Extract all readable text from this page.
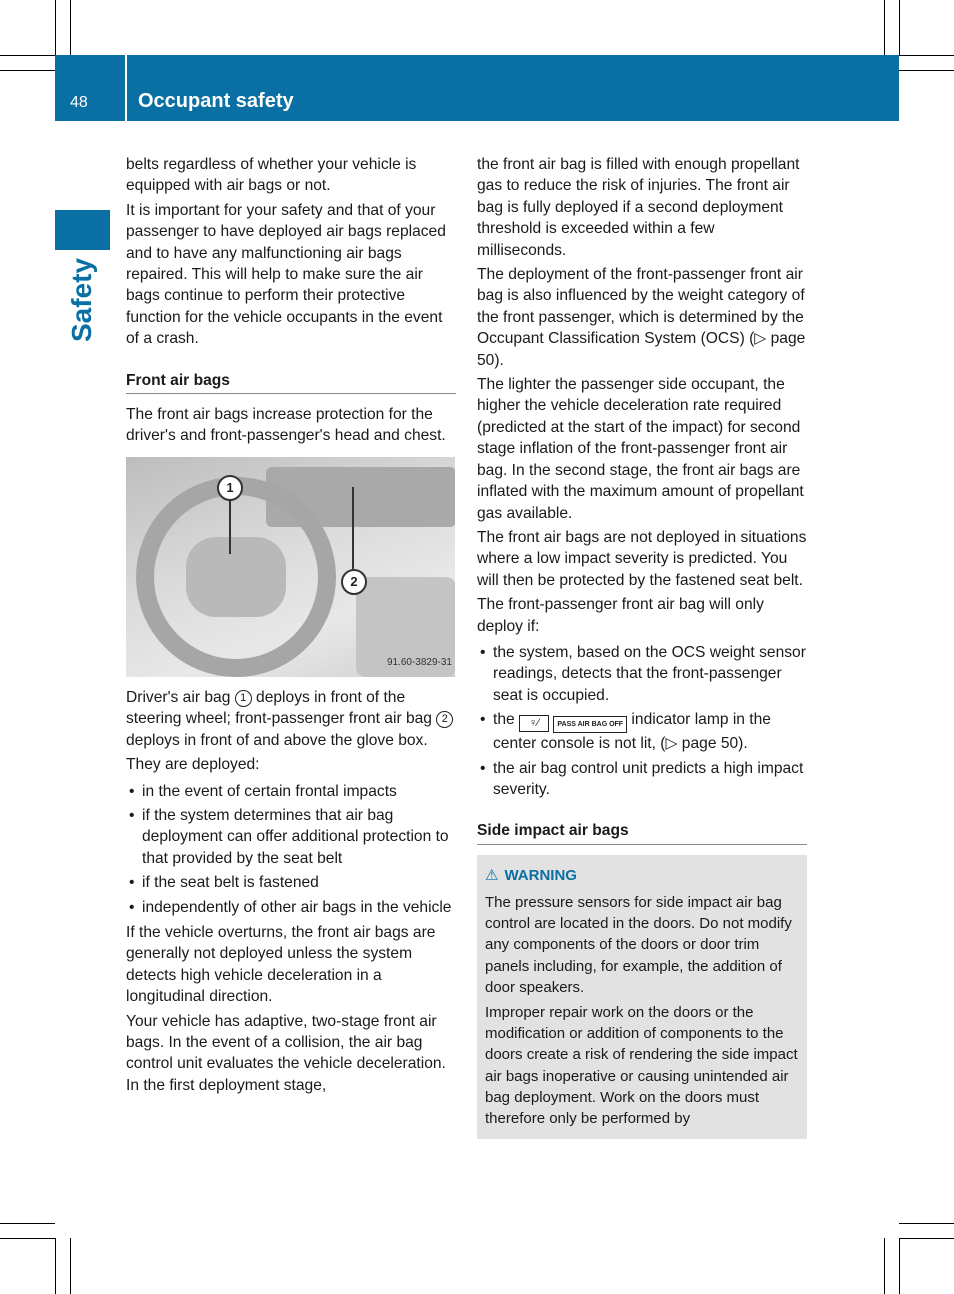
48	Occupant safety
Safety

belts regardless of whether your vehicle is equipped with air bags or not.

It is important for your safety and that of your passenger to have deployed air bags replaced and to have any malfunctioning air bags repaired. This will help to make sure the air bags continue to perform their protective function for the vehicle occupants in the event of a crash.

Front air bags

The front air bags increase protection for the driver's and front-passenger's head and chest.

1
2
91.60-3829-31

Driver's air bag 1 deploys in front of the steering wheel; front-passenger front air bag 2 deploys in front of and above the glove box.

They are deployed:

• in the event of certain frontal impacts
• if the system determines that air bag deployment can offer additional protection to that provided by the seat belt
• if the seat belt is fastened
• independently of other air bags in the vehicle

If the vehicle overturns, the front air bags are generally not deployed unless the system detects high vehicle deceleration in a longitudinal direction.

Your vehicle has adaptive, two-stage front air bags. In the event of a collision, the air bag control unit evaluates the vehicle deceleration. In the first deployment stage,

the front air bag is filled with enough propellant gas to reduce the risk of injuries. The front air bag is fully deployed if a second deployment threshold is exceeded within a few milliseconds.

The deployment of the front-passenger front air bag is also influenced by the weight category of the front passenger, which is determined by the Occupant Classification System (OCS) (▷ page 50).

The lighter the passenger side occupant, the higher the vehicle deceleration rate required (predicted at the start of the impact) for second stage inflation of the front-passenger front air bag. In the second stage, the front air bags are inflated with the maximum amount of propellant gas available.

The front air bags are not deployed in situations where a low impact severity is predicted. You will then be protected by the fastened seat belt.

The front-passenger front air bag will only deploy if:

• the system, based on the OCS weight sensor readings, detects that the front-passenger seat is occupied.
• the ♀⁄	PASS AIR BAG OFF indicator lamp in the center console is not lit, (▷ page 50).
• the air bag control unit predicts a high impact severity.
Side impact air bags
⚠ WARNING

The pressure sensors for side impact air bag control are located in the doors. Do not modify any components of the doors or door trim panels including, for example, the addition of door speakers.

Improper repair work on the doors or the modification or addition of components to the doors create a risk of rendering the side impact air bags inoperative or causing unintended air bag deployment. Work on the doors must therefore only be performed by
